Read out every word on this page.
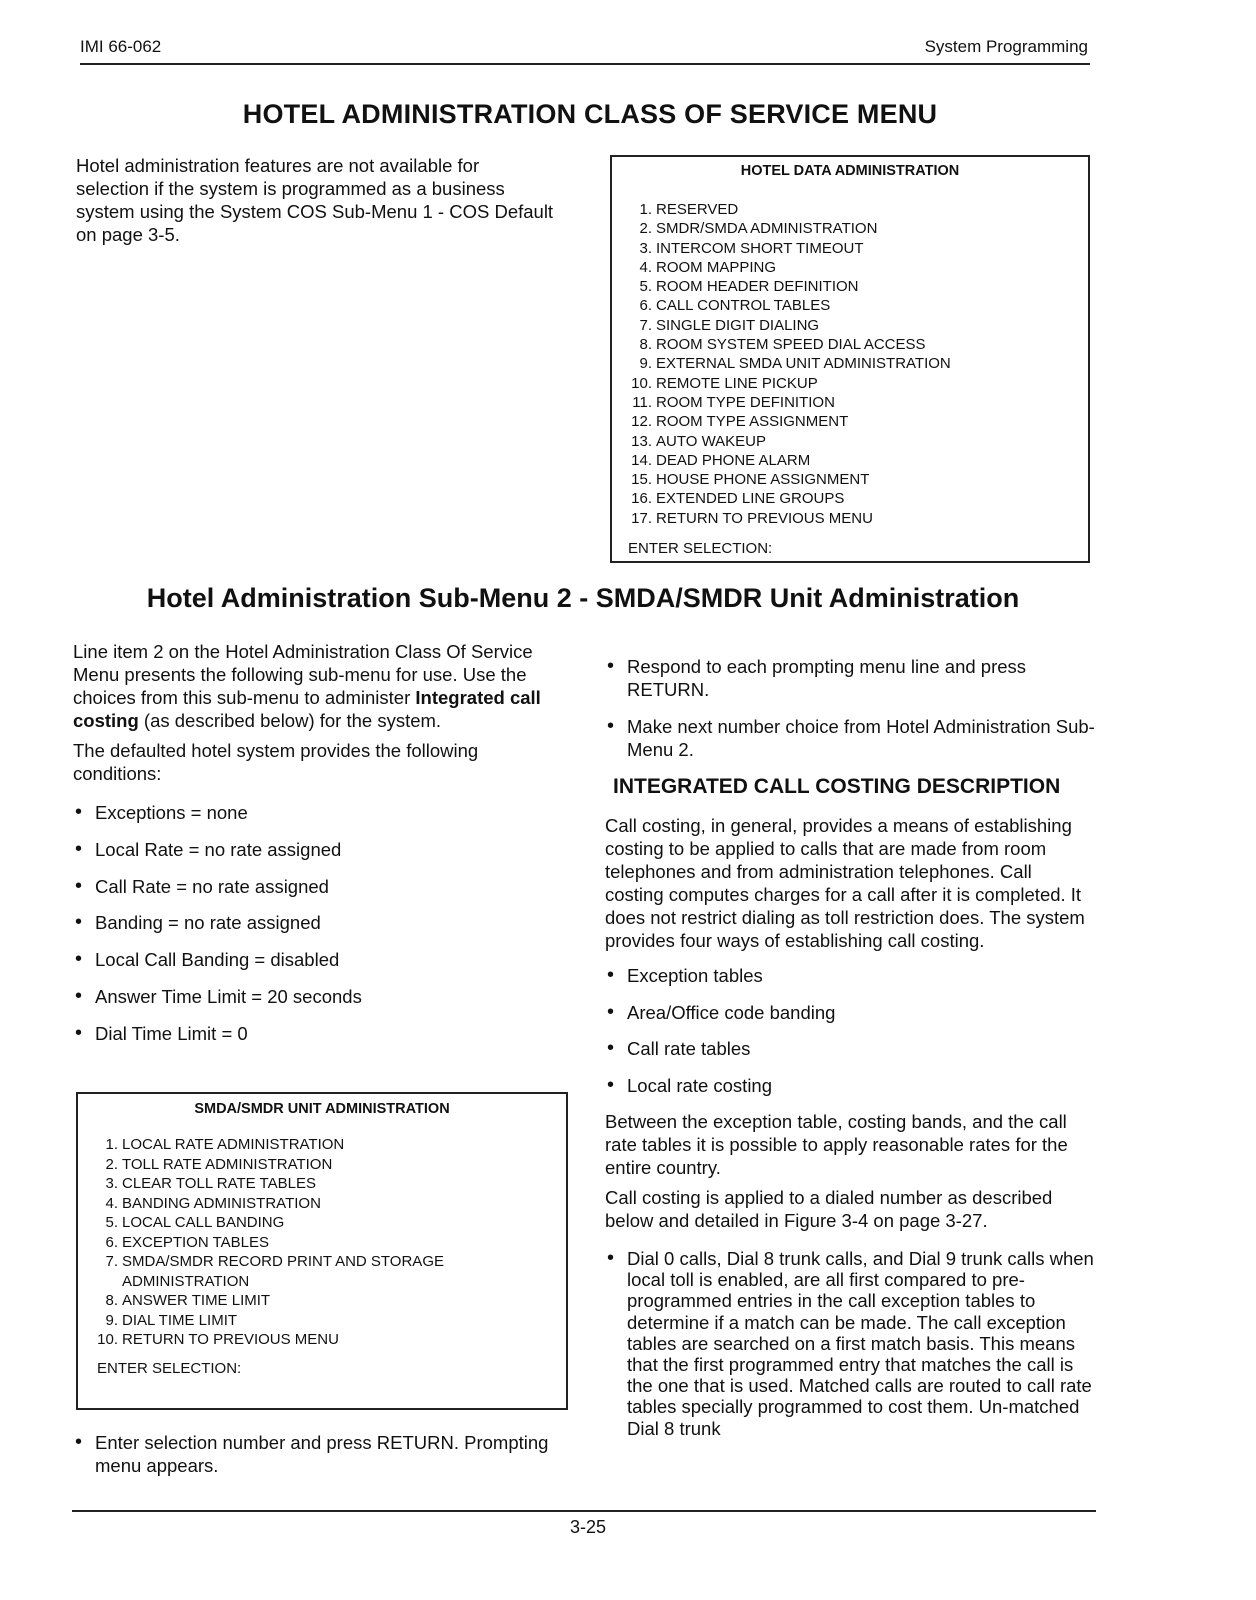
IMI 66-062	System Programming
HOTEL ADMINISTRATION CLASS OF SERVICE MENU
Hotel administration features are not available for selection if the system is programmed as a business system using the System COS Sub-Menu 1 - COS Default on page 3-5.
HOTEL DATA ADMINISTRATION
1. RESERVED
2. SMDR/SMDA ADMINISTRATION
3. INTERCOM SHORT TIMEOUT
4. ROOM MAPPING
5. ROOM HEADER DEFINITION
6. CALL CONTROL TABLES
7. SINGLE DIGIT DIALING
8. ROOM SYSTEM SPEED DIAL ACCESS
9. EXTERNAL SMDA UNIT ADMINISTRATION
10. REMOTE LINE PICKUP
11. ROOM TYPE DEFINITION
12. ROOM TYPE ASSIGNMENT
13. AUTO WAKEUP
14. DEAD PHONE ALARM
15. HOUSE PHONE ASSIGNMENT
16. EXTENDED LINE GROUPS
17. RETURN TO PREVIOUS MENU
ENTER SELECTION:
Hotel Administration Sub-Menu 2 - SMDA/SMDR Unit Administration

Line item 2 on the Hotel Administration Class Of Service Menu presents the following sub-menu for use. Use the choices from this sub-menu to administer Integrated call costing (as described below) for the system.

The defaulted hotel system provides the following conditions:

• Exceptions = none
• Local Rate = no rate assigned
• Call Rate = no rate assigned
• Banding = no rate assigned
• Local Call Banding = disabled
• Answer Time Limit = 20 seconds
• Dial Time Limit = 0
SMDA/SMDR UNIT ADMINISTRATION
1. LOCAL RATE ADMINISTRATION
2. TOLL RATE ADMINISTRATION
3. CLEAR TOLL RATE TABLES
4. BANDING ADMINISTRATION
5. LOCAL CALL BANDING
6. EXCEPTION TABLES
7. SMDA/SMDR RECORD PRINT AND STORAGE ADMINISTRATION
8. ANSWER TIME LIMIT
9. DIAL TIME LIMIT
10. RETURN TO PREVIOUS MENU
ENTER SELECTION:
• Enter selection number and press RETURN. Prompting menu appears.
• Respond to each prompting menu line and press RETURN.
• Make next number choice from Hotel Administration Sub-Menu 2.
INTEGRATED CALL COSTING DESCRIPTION

Call costing, in general, provides a means of establishing costing to be applied to calls that are made from room telephones and from administration telephones. Call costing computes charges for a call after it is completed. It does not restrict dialing as toll restriction does. The system provides four ways of establishing call costing.

• Exception tables
• Area/Office code banding
• Call rate tables
• Local rate costing

Between the exception table, costing bands, and the call rate tables it is possible to apply reasonable rates for the entire country.

Call costing is applied to a dialed number as described below and detailed in Figure 3-4 on page 3-27.

• Dial 0 calls, Dial 8 trunk calls, and Dial 9 trunk calls when local toll is enabled, are all first compared to pre-programmed entries in the call exception tables to determine if a match can be made. The call exception tables are searched on a first match basis. This means that the first programmed entry that matches the call is the one that is used. Matched calls are routed to call rate tables specially programmed to cost them. Un-matched Dial 8 trunk
3-25
